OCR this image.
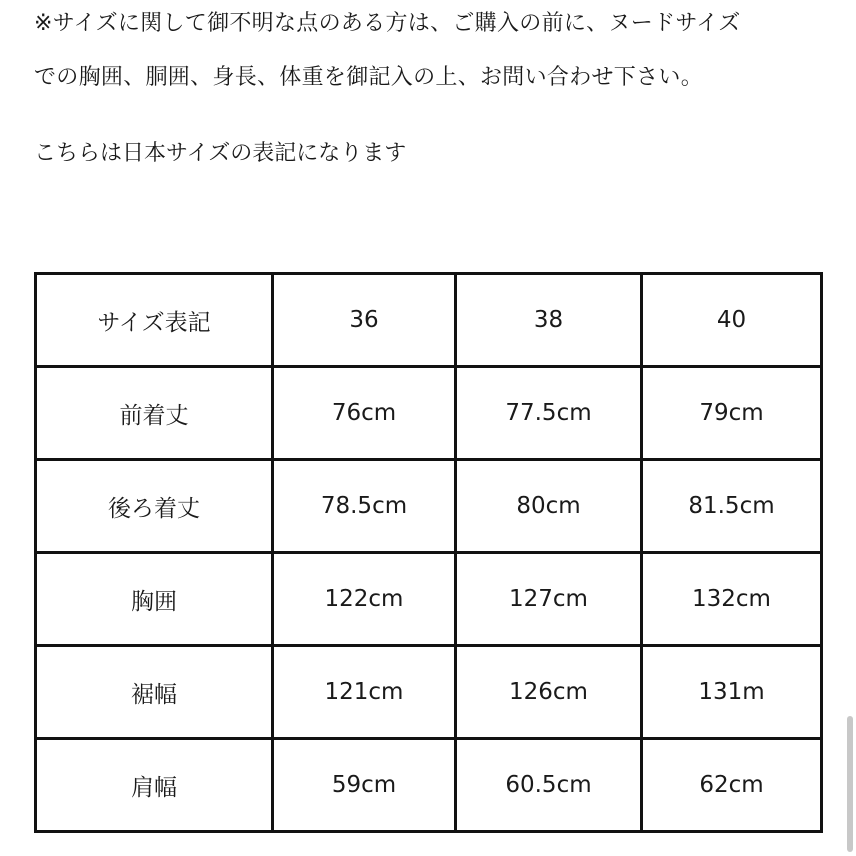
※サイズに関して御不明な点のある方は、ご購入の前に、ヌードサイズ
での胸囲、胴囲、身長、体重を御記入の上、お問い合わせ下さい。
こちらは日本サイズの表記になります
サイズ表記	36	38	40
前着丈	76cm	77.5cm	79cm
後ろ着丈	78.5cm	80cm	81.5cm
胸囲	122cm	127cm	132cm
裾幅	121cm	126cm	131m
肩幅	59cm	60.5cm	62cm
